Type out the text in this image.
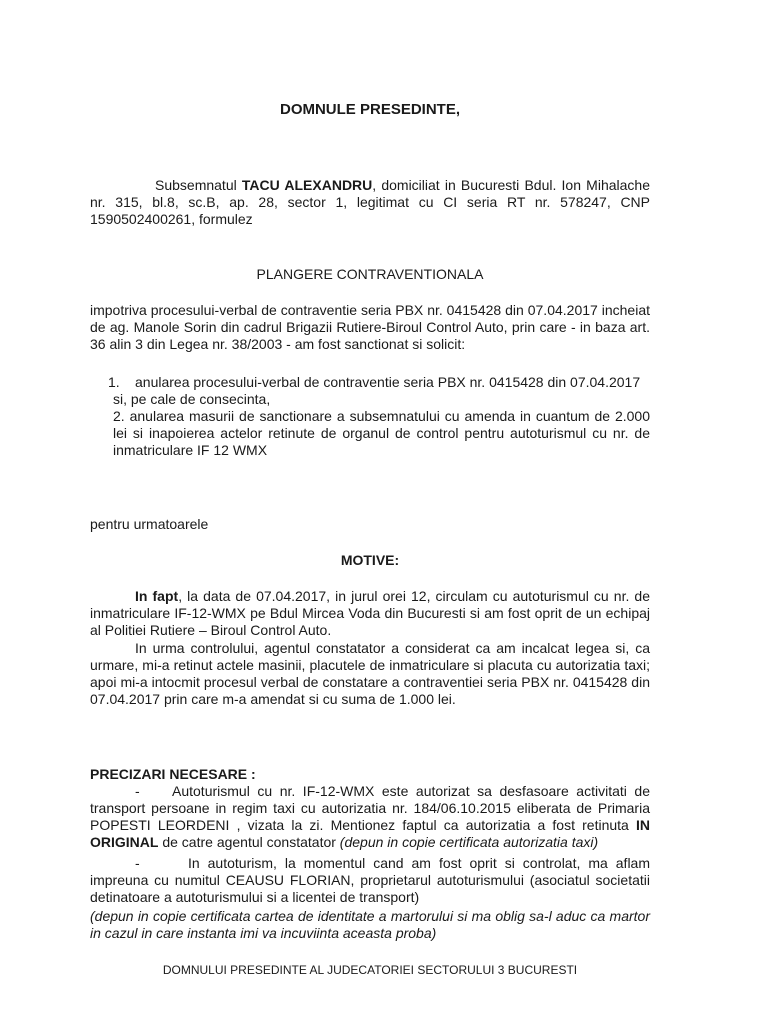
DOMNULE PRESEDINTE,
Subsemnatul TACU ALEXANDRU, domiciliat in Bucuresti Bdul. Ion Mihalache nr. 315, bl.8, sc.B, ap. 28, sector 1, legitimat cu CI seria RT nr. 578247, CNP 1590502400261, formulez
PLANGERE CONTRAVENTIONALA
impotriva procesului-verbal de contraventie seria PBX nr. 0415428 din 07.04.2017 incheiat de ag. Manole Sorin din cadrul Brigazii Rutiere-Biroul Control Auto, prin care - in baza art. 36 alin 3 din Legea nr. 38/2003 - am fost sanctionat si solicit:
1.	anularea procesului-verbal de contraventie seria PBX nr. 0415428 din 07.04.2017
si, pe cale de consecinta,
2. anularea masurii de sanctionare a subsemnatului cu amenda in cuantum de 2.000 lei si inapoierea actelor retinute de organul de control pentru autoturismul cu nr. de inmatriculare IF 12 WMX
pentru urmatoarele
MOTIVE:
In fapt, la data de 07.04.2017, in jurul orei 12, circulam cu autoturismul cu nr. de inmatriculare IF-12-WMX pe Bdul Mircea Voda din Bucuresti si am fost oprit de un echipaj al Politiei Rutiere – Biroul Control Auto.
In urma controlului, agentul constatator a considerat ca am incalcat legea si, ca urmare, mi-a retinut actele masinii, placutele de inmatriculare si placuta cu autorizatia taxi; apoi mi-a intocmit procesul verbal de constatare a contraventiei seria PBX nr. 0415428 din 07.04.2017 prin care m-a amendat si cu suma de 1.000 lei.
PRECIZARI NECESARE :
- Autoturismul cu nr. IF-12-WMX este autorizat sa desfasoare activitati de transport persoane in regim taxi cu autorizatia nr. 184/06.10.2015 eliberata de Primaria POPESTI LEORDENI , vizata la zi. Mentionez faptul ca autorizatia a fost retinuta IN ORIGINAL de catre agentul constatator (depun in copie certificata autorizatia taxi)
-	In autoturism, la momentul cand am fost oprit si controlat, ma aflam impreuna cu numitul CEAUSU FLORIAN, proprietarul autoturismului (asociatul societatii detinatoare a autoturismului si a licentei de transport)
(depun in copie certificata cartea de identitate a martorului si ma oblig sa-l aduc ca martor in cazul in care instanta imi va incuviinta aceasta proba)
DOMNULUI PRESEDINTE AL JUDECATORIEI SECTORULUI 3 BUCURESTI
